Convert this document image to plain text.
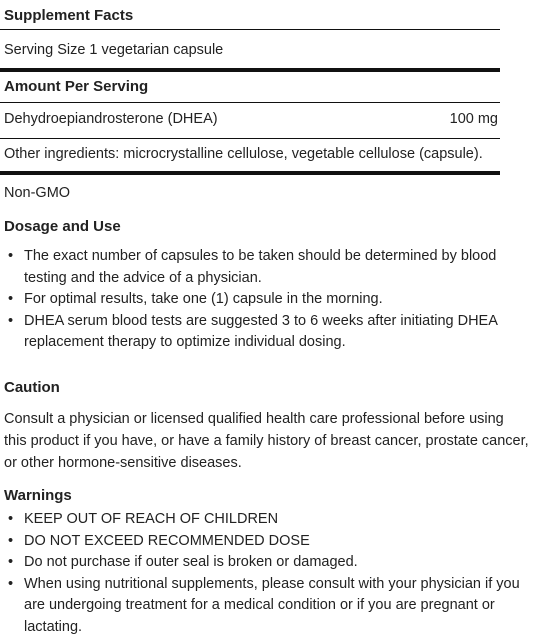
Supplement Facts
Serving Size 1 vegetarian capsule
Amount Per Serving
Dehydroepiandrosterone (DHEA)	100 mg
Other ingredients: microcrystalline cellulose, vegetable cellulose (capsule).
Non-GMO
Dosage and Use
• The exact number of capsules to be taken should be determined by blood testing and the advice of a physician.
• For optimal results, take one (1) capsule in the morning.
• DHEA serum blood tests are suggested 3 to 6 weeks after initiating DHEA replacement therapy to optimize individual dosing.
Caution
Consult a physician or licensed qualified health care professional before using this product if you have, or have a family history of breast cancer, prostate cancer, or other hormone-sensitive diseases.
Warnings
• KEEP OUT OF REACH OF CHILDREN
• DO NOT EXCEED RECOMMENDED DOSE
• Do not purchase if outer seal is broken or damaged.
• When using nutritional supplements, please consult with your physician if you are undergoing treatment for a medical condition or if you are pregnant or lactating.
